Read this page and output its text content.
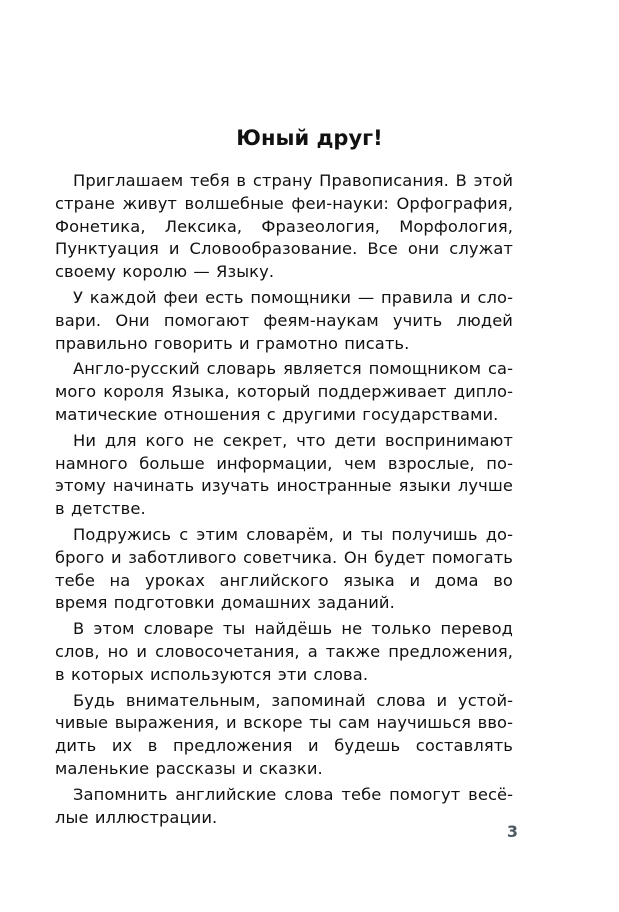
Юный друг!

Приглашаем тебя в страну Правописания. В этой стране живут волшебные феи-науки: Орфография, Фонетика, Лексика, Фразеология, Морфология, Пунктуация и Словообразование. Все они служат своему королю — Языку.

У каждой феи есть помощники — правила и словари. Они помогают феям-наукам учить людей правильно говорить и грамотно писать.

Англо-русский словарь является помощником самого короля Языка, который поддерживает дипломатические отношения с другими государствами.

Ни для кого не секрет, что дети воспринимают намного больше информации, чем взрослые, поэтому начинать изучать иностранные языки лучше в детстве.

Подружись с этим словарём, и ты получишь доброго и заботливого советчика. Он будет помогать тебе на уроках английского языка и дома во время подготовки домашних заданий.

В этом словаре ты найдёшь не только перевод слов, но и словосочетания, а также предложения, в которых используются эти слова.

Будь внимательным, запоминай слова и устойчивые выражения, и вскоре ты сам научишься вводить их в предложения и будешь составлять маленькие рассказы и сказки.

Запомнить английские слова тебе помогут весёлые иллюстрации.

3
